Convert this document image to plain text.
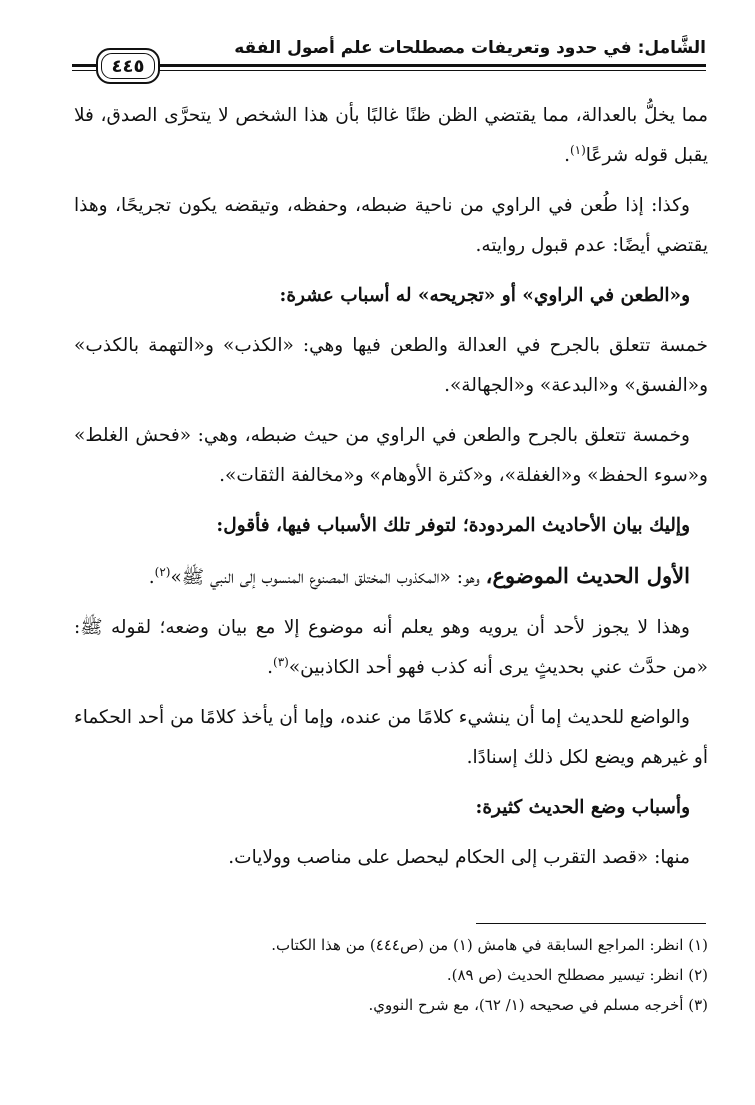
الشَّامل: في حدود وتعريفات مصطلحات علم أصول الفقه
٤٤٥

مما يخلُّ بالعدالة، مما يقتضي الظن ظنًا غالبًا بأن هذا الشخص لا يتحرَّى الصدق، فلا يقبل قوله شرعًا$^{(١)}$.

وكذا: إذا طُعن في الراوي من ناحية ضبطه، وحفظه، وتيقضه يكون تجريحًا، وهذا يقتضي أيضًا: عدم قبول روايته.

و«الطعن في الراوي» أو «تجريحه» له أسباب عشرة:

خمسة تتعلق بالجرح في العدالة والطعن فيها وهي: «الكذب» و«التهمة بالكذب» و«الفسق» و«البدعة» و«الجهالة».

وخمسة تتعلق بالجرح والطعن في الراوي من حيث ضبطه، وهي: «فحش الغلط» و«سوء الحفظ» و«الغفلة»، و«كثرة الأوهام» و«مخالفة الثقات».

وإليك بيان الأحاديث المردودة؛ لتوفر تلك الأسباب فيها، فأقول:

الأول الحديث الموضوع، وهو: «المكذوب المختلق المصنوع المنسوب إلى النبي ﷺ»$^{(٢)}$.

وهذا لا يجوز لأحد أن يرويه وهو يعلم أنه موضوع إلا مع بيان وضعه؛ لقوله ﷺ: «من حدَّث عني بحديثٍ يرى أنه كذب فهو أحد الكاذبين»$^{(٣)}$.

والواضع للحديث إما أن ينشيء كلامًا من عنده، وإما أن يأخذ كلامًا من أحد الحكماء أو غيرهم ويضع لكل ذلك إسنادًا.

وأسباب وضع الحديث كثيرة:

منها: «قصد التقرب إلى الحكام ليحصل على مناصب وولايات.

(١) انظر: المراجع السابقة في هامش (١) من (ص٤٤٤) من هذا الكتاب.

(٢) انظر: تيسير مصطلح الحديث (ص ٨٩).

(٣) أخرجه مسلم في صحيحه (١/ ٦٢)، مع شرح النووي.
